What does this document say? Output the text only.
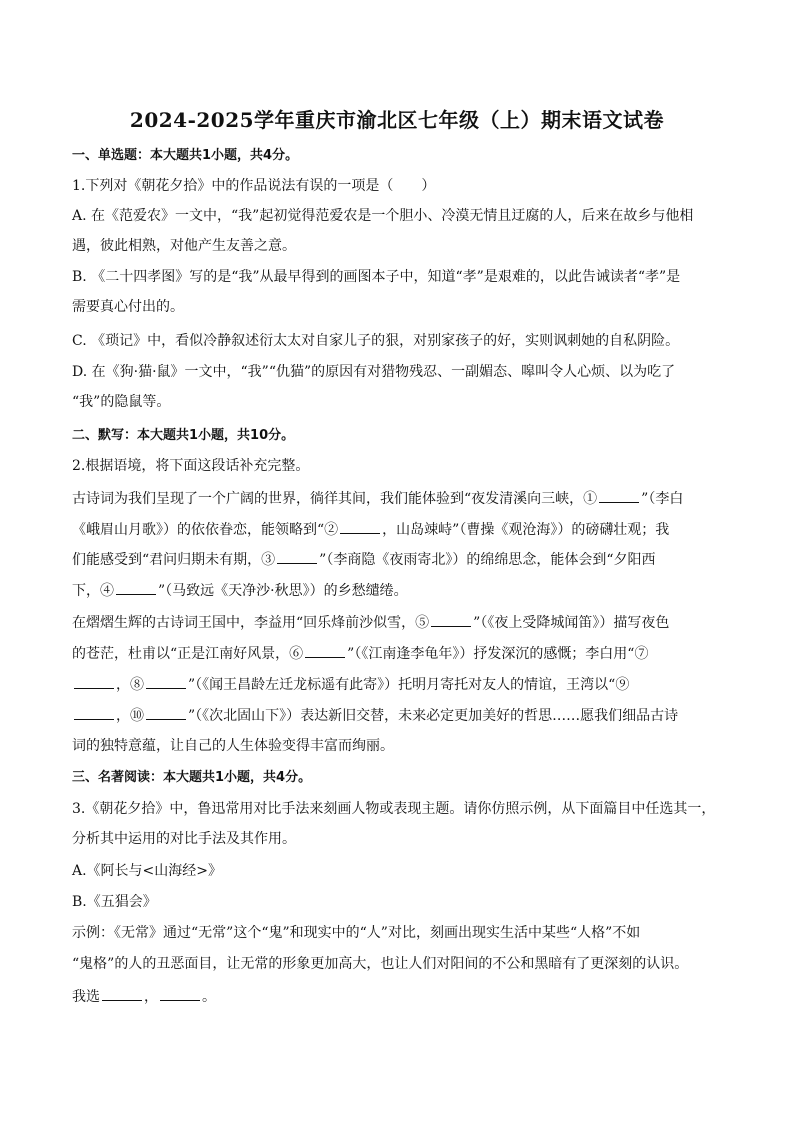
2024-2025学年重庆市渝北区七年级（上）期末语文试卷
一、单选题：本大题共1小题，共4分。
1.下列对《朝花夕拾》中的作品说法有误的一项是（　　）
A. 在《范爱农》一文中，“我”起初觉得范爱农是一个胆小、冷漠无情且迂腐的人，后来在故乡与他相
遇，彼此相熟，对他产生友善之意。
B. 《二十四孝图》写的是“我”从最早得到的画图本子中，知道“孝”是艰难的，以此告诫读者“孝”是
需要真心付出的。
C. 《琐记》中，看似冷静叙述衍太太对自家儿子的狠，对别家孩子的好，实则讽刺她的自私阴险。
D. 在《狗·猫·鼠》一文中，“我”“仇猫”的原因有对猎物残忍、一副媚态、嗥叫令人心烦、以为吃了
“我”的隐鼠等。
二、默写：本大题共1小题，共10分。
2.根据语境，将下面这段话补充完整。
古诗词为我们呈现了一个广阔的世界，徜徉其间，我们能体验到“夜发清溪向三峡，①	”（李白
《峨眉山月歌》）的依依眷恋，能领略到“②	，山岛竦峙”（曹操《观沧海》）的磅礴壮观；我
们能感受到“君问归期未有期，③	”（李商隐《夜雨寄北》）的绵绵思念，能体会到“夕阳西
下，④	”（马致远《天净沙·秋思》）的乡愁缱绻。
在熠熠生辉的古诗词王国中，李益用“回乐烽前沙似雪，⑤	”（《夜上受降城闻笛》）描写夜色
的苍茫，杜甫以“正是江南好风景，⑥	”（《江南逢李龟年》）抒发深沉的感慨；李白用“⑦
，⑧	”（《闻王昌龄左迁龙标遥有此寄》）托明月寄托对友人的情谊，王湾以“⑨
，⑩	”（《次北固山下》）表达新旧交替，未来必定更加美好的哲思……愿我们细品古诗
词的独特意蕴，让自己的人生体验变得丰富而绚丽。
三、名著阅读：本大题共1小题，共4分。
3.《朝花夕拾》中，鲁迅常用对比手法来刻画人物或表现主题。请你仿照示例，从下面篇目中任选其一，
分析其中运用的对比手法及其作用。
A.《阿长与<山海经>》
B.《五猖会》
示例：《无常》通过“无常”这个“鬼”和现实中的“人”对比，刻画出现实生活中某些“人格”不如
“鬼格”的人的丑恶面目，让无常的形象更加高大，也让人们对阳间的不公和黑暗有了更深刻的认识。
我选	，	。
